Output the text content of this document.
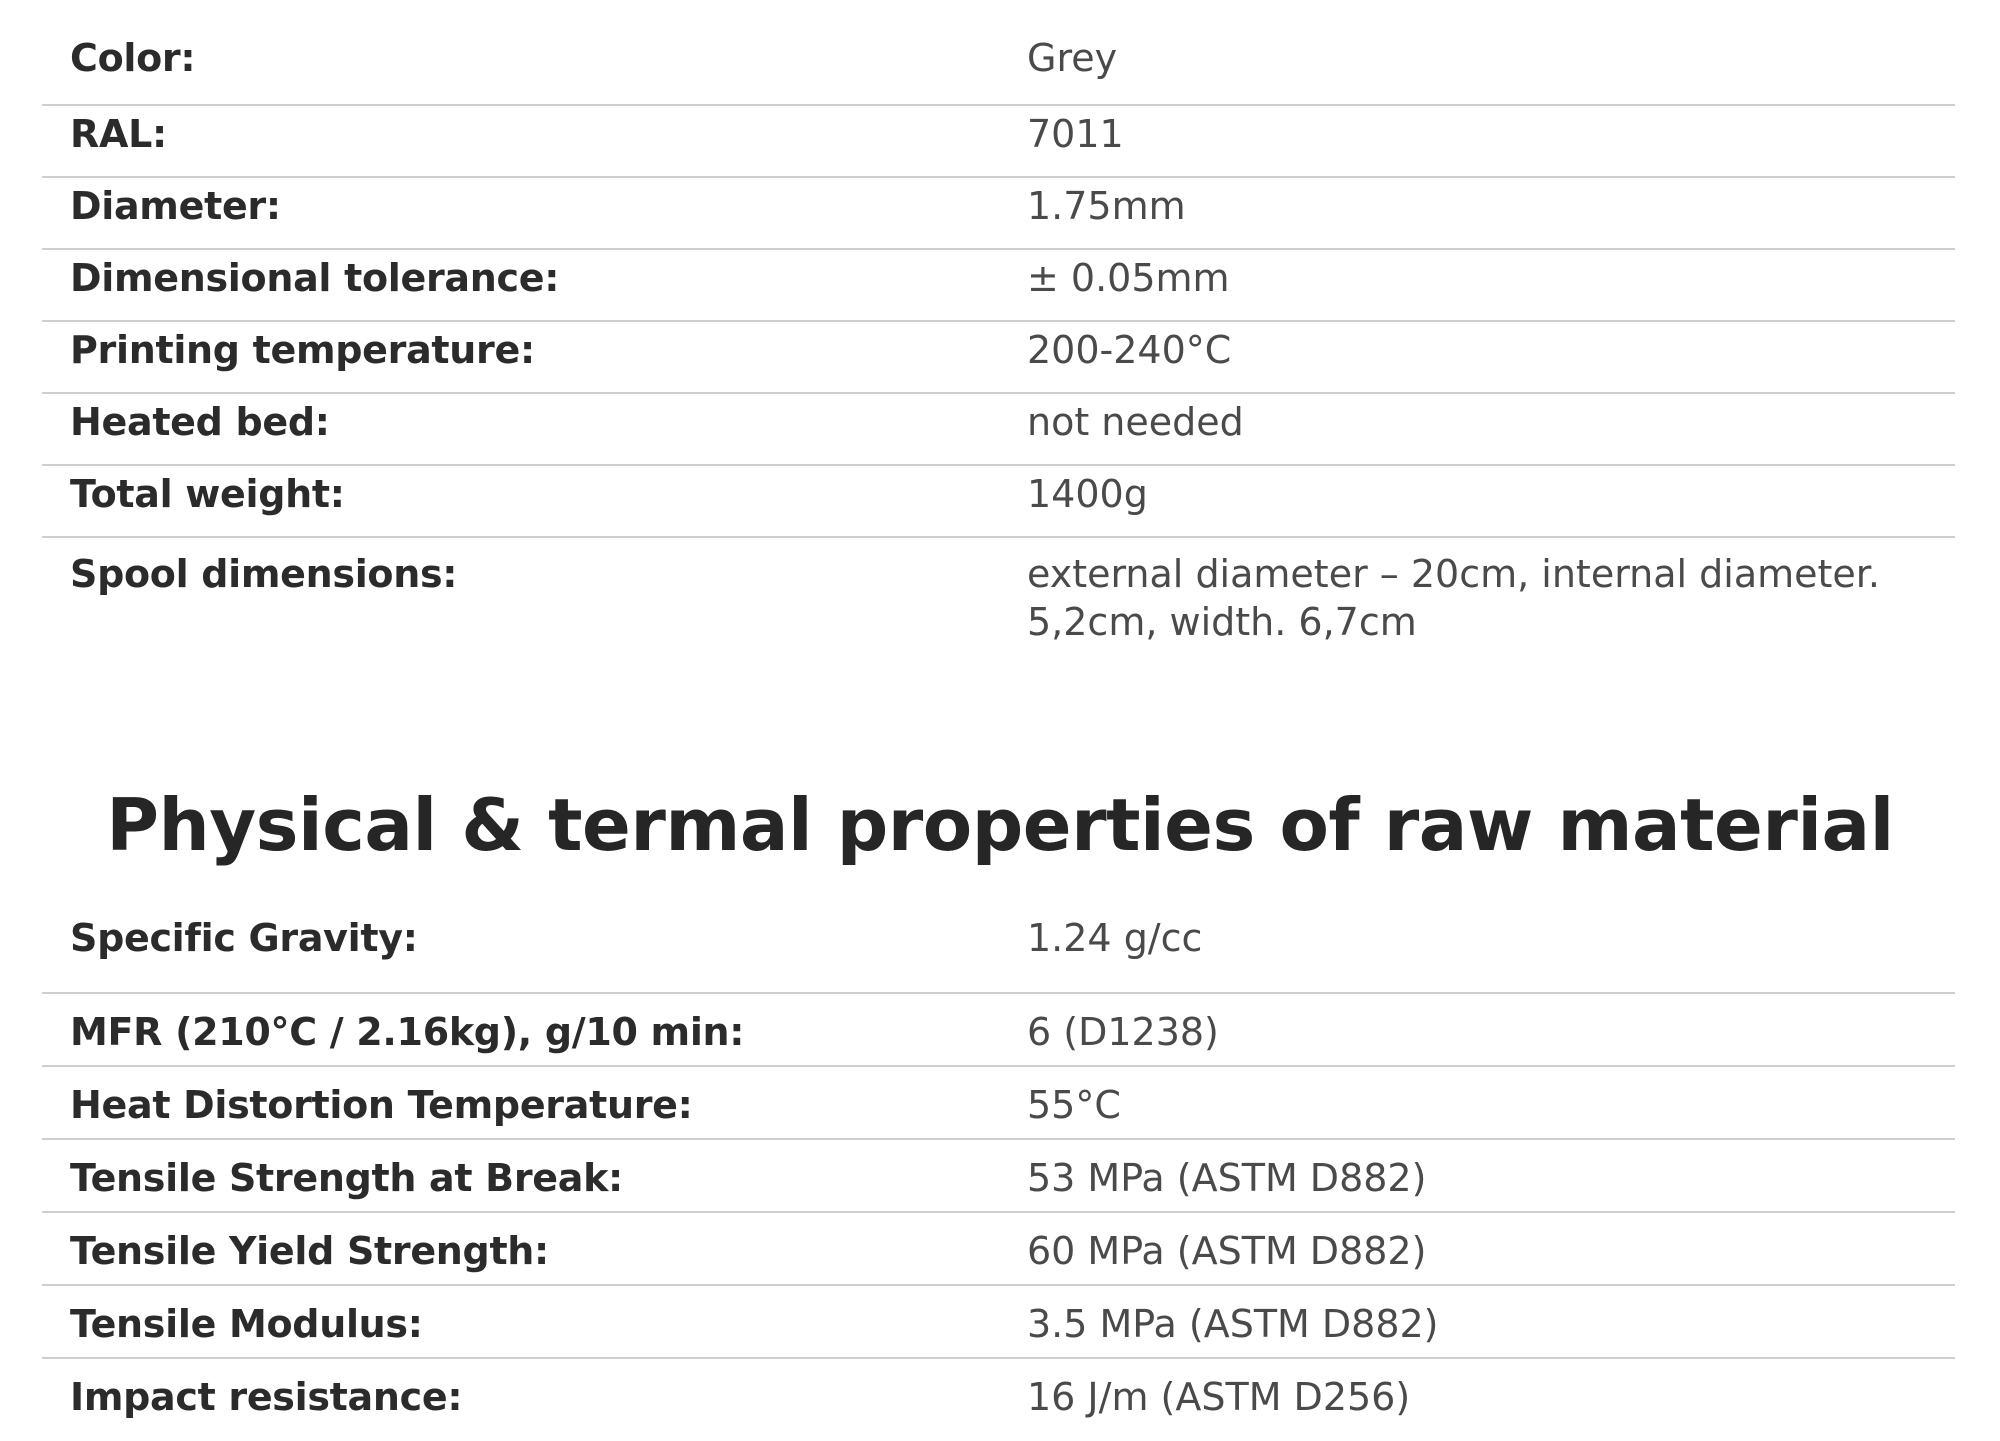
Color:	Grey
RAL:	7011
Diameter:	1.75mm
Dimensional tolerance:	± 0.05mm
Printing temperature:	200-240°C
Heated bed:	not needed
Total weight:	1400g
Spool dimensions:	external diameter – 20cm, internal diameter.
5,2cm, width. 6,7cm
Physical & termal properties of raw material
Specific Gravity:	1.24 g/cc
MFR (210°C / 2.16kg), g/10 min:	6 (D1238)
Heat Distortion Temperature:	55°C
Tensile Strength at Break:	53 MPa (ASTM D882)
Tensile Yield Strength:	60 MPa (ASTM D882)
Tensile Modulus:	3.5 MPa (ASTM D882)
Impact resistance:	16 J/m (ASTM D256)
